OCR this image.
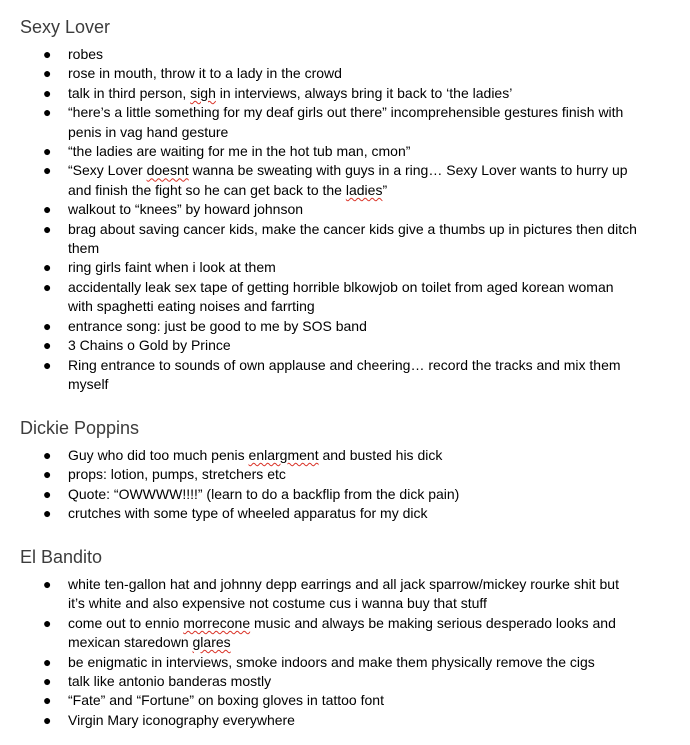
Sexy Lover
● robes
● rose in mouth, throw it to a lady in the crowd
● talk in third person, sigh in interviews, always bring it back to ‘the ladies’
● “here’s a little something for my deaf girls out there” incomprehensible gestures finish with penis in vag hand gesture
● “the ladies are waiting for me in the hot tub man, cmon”
● “Sexy Lover doesnt wanna be sweating with guys in a ring… Sexy Lover wants to hurry up and finish the fight so he can get back to the ladies”
● walkout to “knees” by howard johnson
● brag about saving cancer kids, make the cancer kids give a thumbs up in pictures then ditch them
● ring girls faint when i look at them
● accidentally leak sex tape of getting horrible blkowjob on toilet from aged korean woman with spaghetti eating noises and farrting
● entrance song: just be good to me by SOS band
● 3 Chains o Gold by Prince
● Ring entrance to sounds of own applause and cheering… record the tracks and mix them myself
Dickie Poppins
● Guy who did too much penis enlargment and busted his dick
● props: lotion, pumps, stretchers etc
● Quote: “OWWWW!!!!” (learn to do a backflip from the dick pain)
● crutches with some type of wheeled apparatus for my dick
El Bandito
● white ten-gallon hat and johnny depp earrings and all jack sparrow/mickey rourke shit but it’s white and also expensive not costume cus i wanna buy that stuff
● come out to ennio morrecone music and always be making serious desperado looks and mexican staredown glares
● be enigmatic in interviews, smoke indoors and make them physically remove the cigs
● talk like antonio banderas mostly
● “Fate” and “Fortune” on boxing gloves in tattoo font
● Virgin Mary iconography everywhere
